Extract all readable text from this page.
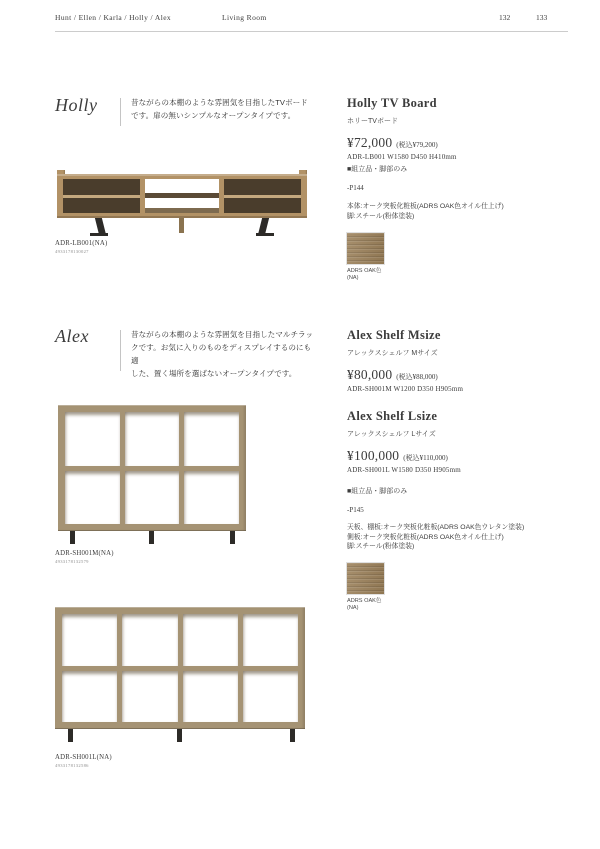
Hunt / Ellen / Karla / Holly / Alex	Living Room	132	133
Holly	昔ながらの本棚のような雰囲気を目指したTVボード
です。扉の無いシンプルなオープンタイプです。
ADR-LB001(NA)
4933178130027
Holly TV Board
ホリーTVボード
¥72,000 (税込¥79,200)
ADR-LB001 W1580 D450 H410mm
■組立品・脚部のみ
-P144
本体:オーク突板化粧板(ADRS OAK色オイル仕上げ)
脚:スチール(粉体塗装)
ADRS OAK色
(NA)
Alex	昔ながらの本棚のような雰囲気を目指したマルチラッ
クです。お気に入りのものをディスプレイするのにも適
した、置く場所を選ばないオープンタイプです。
ADR-SH001M(NA)
4933178132579
ADR-SH001L(NA)
4933178132586
Alex Shelf Msize
アレックスシェルフ Mサイズ
¥80,000 (税込¥88,000)
ADR-SH001M W1200 D350 H905mm
Alex Shelf Lsize
アレックスシェルフ Lサイズ
¥100,000 (税込¥110,000)
ADR-SH001L W1580 D350 H905mm
■組立品・脚部のみ
-P145
天板、棚板:オーク突板化粧板(ADRS OAK色ウレタン塗装)
側板:オーク突板化粧板(ADRS OAK色オイル仕上げ)
脚:スチール(粉体塗装)
ADRS OAK色
(NA)
